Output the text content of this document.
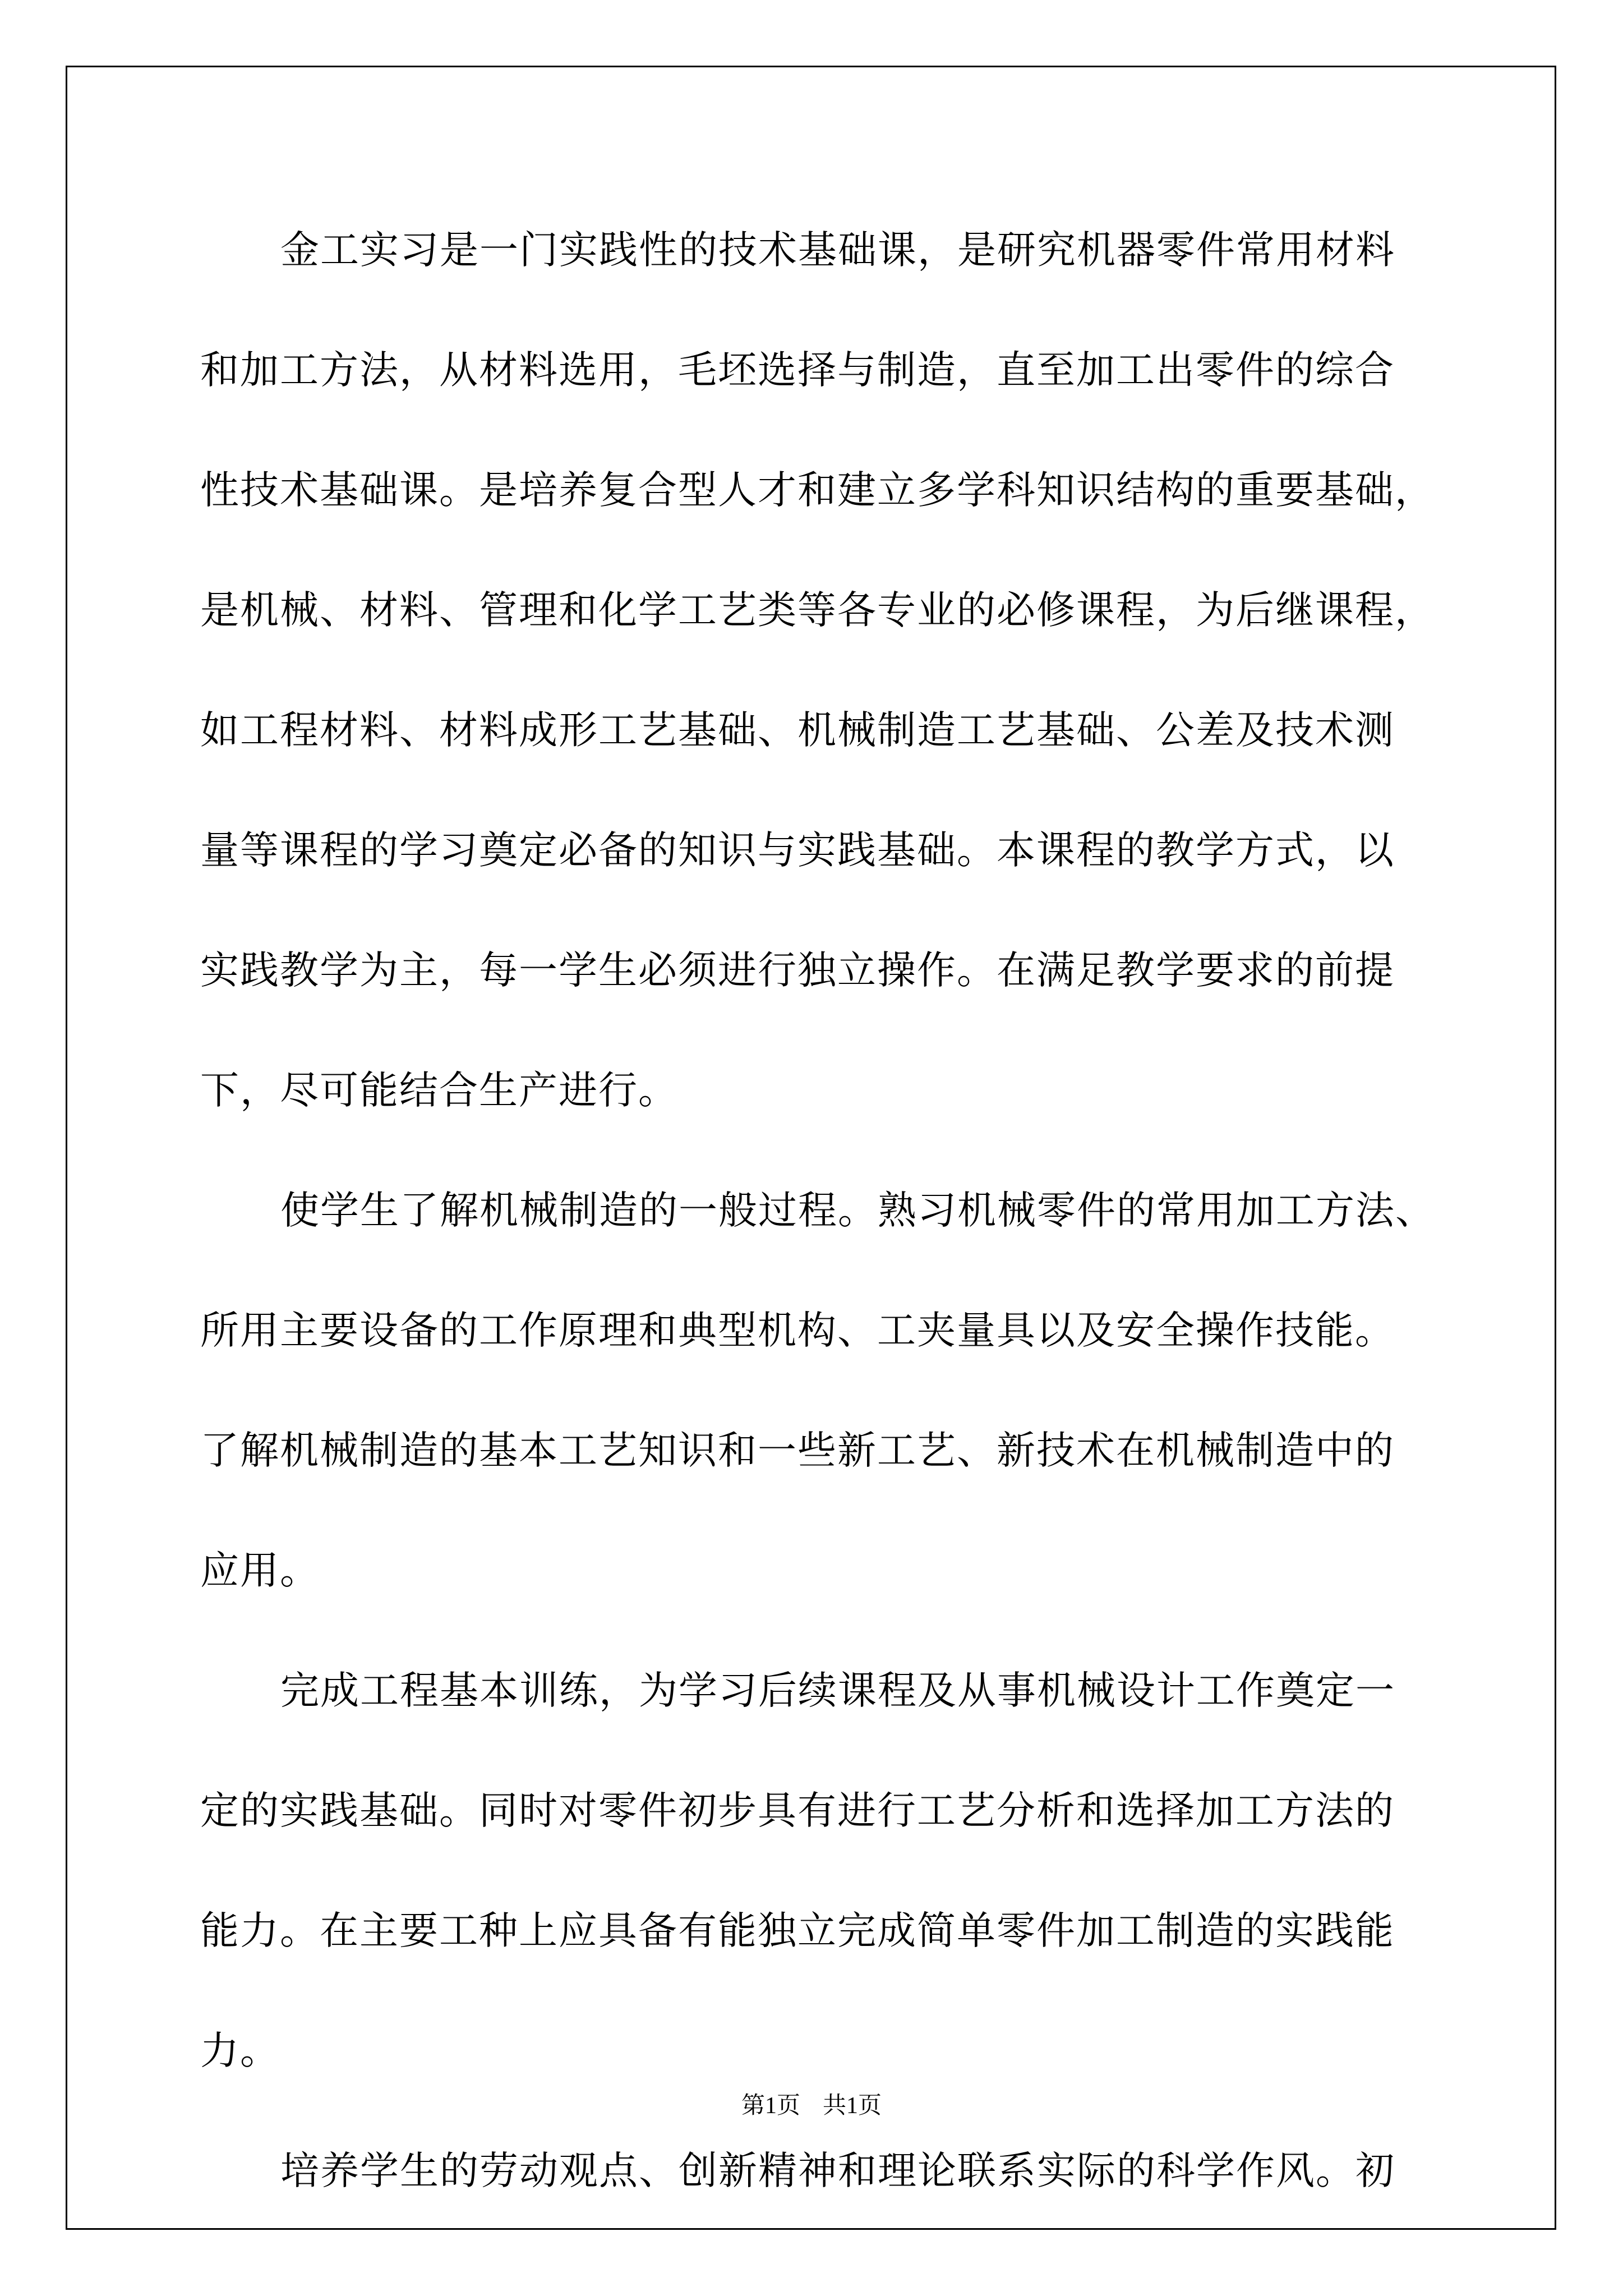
金工实习是一门实践性的技术基础课，是研究机器零件常用材料
和加工方法，从材料选用，毛坯选择与制造，直至加工出零件的综合
性技术基础课。是培养复合型人才和建立多学科知识结构的重要基础，
是机械、材料、管理和化学工艺类等各专业的必修课程，为后继课程，
如工程材料、材料成形工艺基础、机械制造工艺基础、公差及技术测
量等课程的学习奠定必备的知识与实践基础。本课程的教学方式，以
实践教学为主，每一学生必须进行独立操作。在满足教学要求的前提
下，尽可能结合生产进行。
使学生了解机械制造的一般过程。熟习机械零件的常用加工方法、
所用主要设备的工作原理和典型机构、工夹量具以及安全操作技能。
了解机械制造的基本工艺知识和一些新工艺、新技术在机械制造中的
应用。
完成工程基本训练，为学习后续课程及从事机械设计工作奠定一
定的实践基础。同时对零件初步具有进行工艺分析和选择加工方法的
能力。在主要工种上应具备有能独立完成简单零件加工制造的实践能
力。
培养学生的劳动观点、创新精神和理论联系实际的科学作风。初
第1页 共1页
